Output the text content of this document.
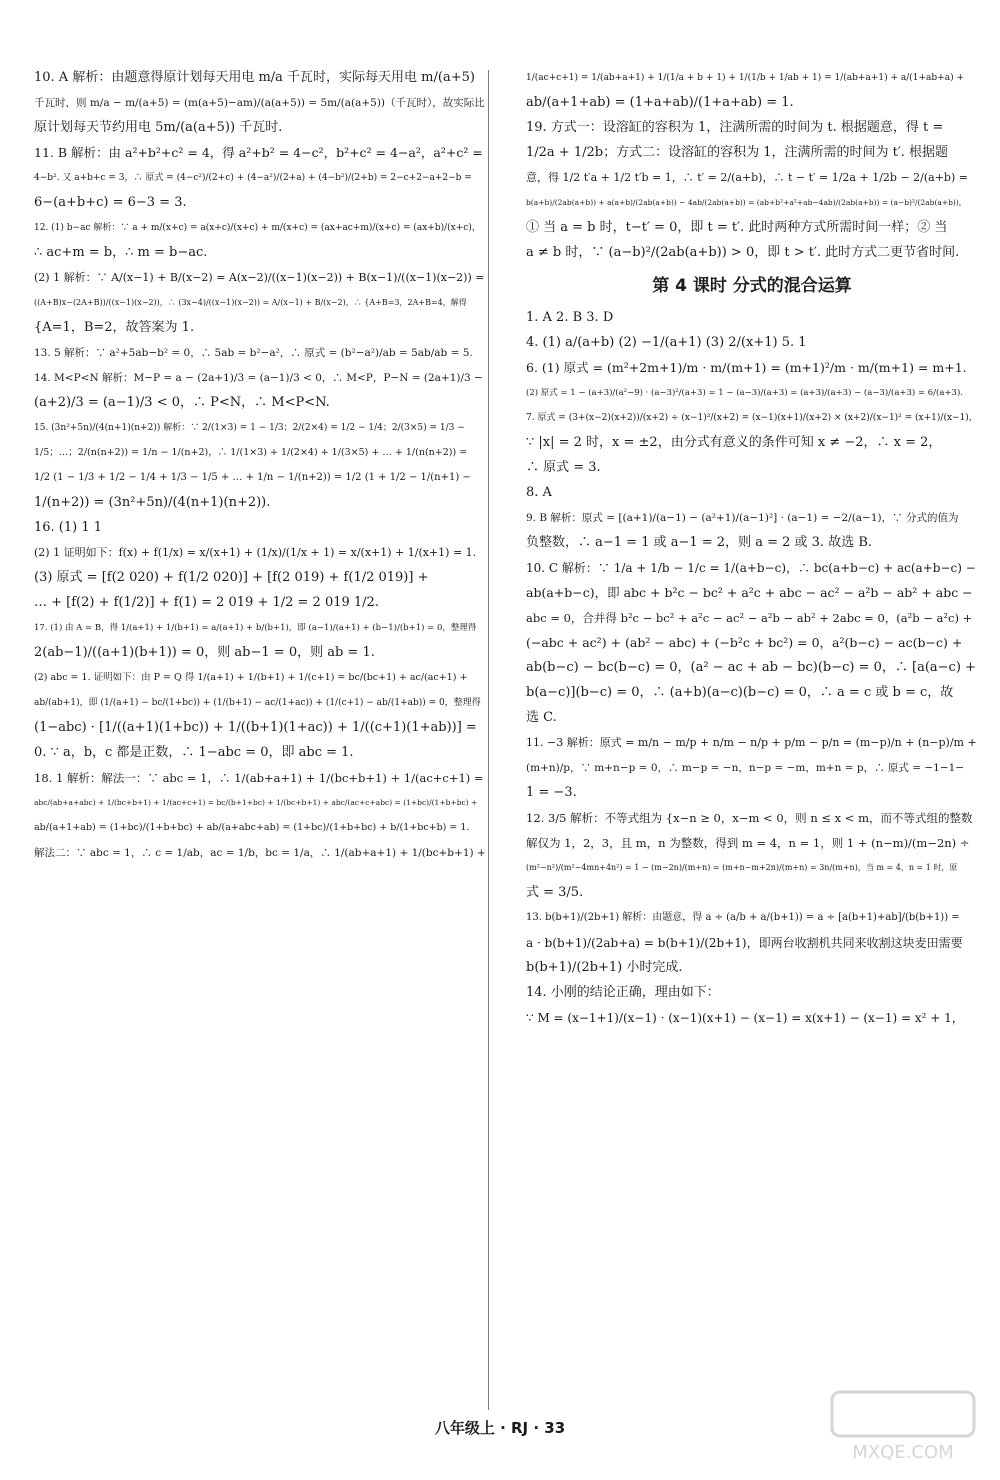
10. A 解析：由题意得原计划每天用电 m/a 千瓦时，实际每天用电 m/(a+5)
千瓦时，则 m/a − m/(a+5) = (m(a+5)−am)/(a(a+5)) = 5m/(a(a+5))（千瓦时），故实际比
原计划每天节约用电 5m/(a(a+5)) 千瓦时.
11. B 解析：由 a²+b²+c² = 4，得 a²+b² = 4−c²，b²+c² = 4−a²，a²+c² =
4−b². 又 a+b+c = 3，∴ 原式 = (4−c²)/(2+c) + (4−a²)/(2+a) + (4−b²)/(2+b) = 2−c+2−a+2−b =
6−(a+b+c) = 6−3 = 3.
12. (1) b−ac 解析：∵ a + m/(x+c) = a(x+c)/(x+c) + m/(x+c) = (ax+ac+m)/(x+c) = (ax+b)/(x+c)，
∴ ac+m = b，∴ m = b−ac.
(2) 1 解析：∵ A/(x−1) + B/(x−2) = A(x−2)/((x−1)(x−2)) + B(x−1)/((x−1)(x−2)) =
((A+B)x−(2A+B))/((x−1)(x−2))，∴ (3x−4)/((x−1)(x−2)) = A/(x−1) + B/(x−2)，∴ {A+B=3，2A+B=4，解得
{A=1，B=2，故答案为 1.
13. 5 解析：∵ a²+5ab−b² = 0，∴ 5ab = b²−a²，∴ 原式 = (b²−a²)/ab = 5ab/ab = 5.
14. M<P<N 解析：M−P = a − (2a+1)/3 = (a−1)/3 < 0，∴ M<P，P−N = (2a+1)/3 −
(a+2)/3 = (a−1)/3 < 0，∴ P<N，∴ M<P<N.
15. (3n²+5n)/(4(n+1)(n+2)) 解析：∵ 2/(1×3) = 1 − 1/3；2/(2×4) = 1/2 − 1/4；2/(3×5) = 1/3 −
1/5；…；2/(n(n+2)) = 1/n − 1/(n+2)，∴ 1/(1×3) + 1/(2×4) + 1/(3×5) + … + 1/(n(n+2)) =
1/2 (1 − 1/3 + 1/2 − 1/4 + 1/3 − 1/5 + … + 1/n − 1/(n+2)) = 1/2 (1 + 1/2 − 1/(n+1) −
1/(n+2)) = (3n²+5n)/(4(n+1)(n+2)).
16. (1) 1 1
(2) 1 证明如下：f(x) + f(1/x) = x/(x+1) + (1/x)/(1/x + 1) = x/(x+1) + 1/(x+1) = 1.
(3) 原式 = [f(2 020) + f(1/2 020)] + [f(2 019) + f(1/2 019)] +
… + [f(2) + f(1/2)] + f(1) = 2 019 + 1/2 = 2 019 1/2.
17. (1) 由 A = B，得 1/(a+1) + 1/(b+1) = a/(a+1) + b/(b+1)，即 (a−1)/(a+1) + (b−1)/(b+1) = 0，整理得
2(ab−1)/((a+1)(b+1)) = 0，则 ab−1 = 0，则 ab = 1.
(2) abc = 1. 证明如下：由 P = Q 得 1/(a+1) + 1/(b+1) + 1/(c+1) = bc/(bc+1) + ac/(ac+1) +
ab/(ab+1)，即 (1/(a+1) − bc/(1+bc)) + (1/(b+1) − ac/(1+ac)) + (1/(c+1) − ab/(1+ab)) = 0，整理得
(1−abc) · [1/((a+1)(1+bc)) + 1/((b+1)(1+ac)) + 1/((c+1)(1+ab))] =
0. ∵ a，b，c 都是正数，∴ 1−abc = 0，即 abc = 1.
18. 1 解析：解法一：∵ abc = 1，∴ 1/(ab+a+1) + 1/(bc+b+1) + 1/(ac+c+1) =
abc/(ab+a+abc) + 1/(bc+b+1) + 1/(ac+c+1) = bc/(b+1+bc) + 1/(bc+b+1) + abc/(ac+c+abc) = (1+bc)/(1+b+bc) +
ab/(a+1+ab) = (1+bc)/(1+b+bc) + ab/(a+abc+ab) = (1+bc)/(1+b+bc) + b/(1+bc+b) = 1.
解法二：∵ abc = 1，∴ c = 1/ab，ac = 1/b，bc = 1/a，∴ 1/(ab+a+1) + 1/(bc+b+1) +
1/(ac+c+1) = 1/(ab+a+1) + 1/(1/a + b + 1) + 1/(1/b + 1/ab + 1) = 1/(ab+a+1) + a/(1+ab+a) +
ab/(a+1+ab) = (1+a+ab)/(1+a+ab) = 1.
19. 方式一：设溶缸的容积为 1，注满所需的时间为 t. 根据题意，得 t =
1/2a + 1/2b；方式二：设溶缸的容积为 1，注满所需的时间为 t′. 根据题
意，得 1/2 t′a + 1/2 t′b = 1，∴ t′ = 2/(a+b)，∴ t − t′ = 1/2a + 1/2b − 2/(a+b) =
b(a+b)/(2ab(a+b)) + a(a+b)/(2ab(a+b)) − 4ab/(2ab(a+b)) = (ab+b²+a²+ab−4ab)/(2ab(a+b)) = (a−b)²/(2ab(a+b))，
① 当 a = b 时，t−t′ = 0，即 t = t′. 此时两种方式所需时间一样；② 当
a ≠ b 时，∵ (a−b)²/(2ab(a+b)) > 0，即 t > t′. 此时方式二更节省时间.
第 4 课时 分式的混合运算
1. A 2. B 3. D
4. (1) a/(a+b) (2) −1/(a+1) (3) 2/(x+1) 5. 1
6. (1) 原式 = (m²+2m+1)/m · m/(m+1) = (m+1)²/m · m/(m+1) = m+1.
(2) 原式 = 1 − (a+3)/(a²−9) · (a−3)²/(a+3) = 1 − (a−3)/(a+3) = (a+3)/(a+3) − (a−3)/(a+3) = 6/(a+3).
7. 原式 = (3+(x−2)(x+2))/(x+2) ÷ (x−1)²/(x+2) = (x−1)(x+1)/(x+2) × (x+2)/(x−1)² = (x+1)/(x−1)，
∵ |x| = 2 时，x = ±2，由分式有意义的条件可知 x ≠ −2，∴ x = 2，
∴ 原式 = 3.
8. A
9. B 解析：原式 = [(a+1)/(a−1) − (a²+1)/(a−1)²] · (a−1) = −2/(a−1)，∵ 分式的值为
负整数，∴ a−1 = 1 或 a−1 = 2，则 a = 2 或 3. 故选 B.
10. C 解析：∵ 1/a + 1/b − 1/c = 1/(a+b−c)，∴ bc(a+b−c) + ac(a+b−c) −
ab(a+b−c)，即 abc + b²c − bc² + a²c + abc − ac² − a²b − ab² + abc −
abc = 0，合并得 b²c − bc² + a²c − ac² − a²b − ab² + 2abc = 0，(a²b − a²c) +
(−abc + ac²) + (ab² − abc) + (−b²c + bc²) = 0，a²(b−c) − ac(b−c) +
ab(b−c) − bc(b−c) = 0，(a² − ac + ab − bc)(b−c) = 0，∴ [a(a−c) +
b(a−c)](b−c) = 0，∴ (a+b)(a−c)(b−c) = 0，∴ a = c 或 b = c，故
选 C.
11. −3 解析：原式 = m/n − m/p + n/m − n/p + p/m − p/n = (m−p)/n + (n−p)/m +
(m+n)/p，∵ m+n−p = 0，∴ m−p = −n，n−p = −m，m+n = p，∴ 原式 = −1−1−
1 = −3.
12. 3/5 解析：不等式组为 {x−n ≥ 0，x−m < 0，则 n ≤ x < m，而不等式组的整数
解仅为 1，2，3，且 m，n 为整数，得到 m = 4，n = 1，则 1 + (n−m)/(m−2n) ÷
(m²−n²)/(m²−4mn+4n²) = 1 − (m−2n)/(m+n) = (m+n−m+2n)/(m+n) = 3n/(m+n)，当 m = 4，n = 1 时，原
式 = 3/5.
13. b(b+1)/(2b+1) 解析：由题意，得 a ÷ (a/b + a/(b+1)) = a ÷ [a(b+1)+ab]/(b(b+1)) =
a · b(b+1)/(2ab+a) = b(b+1)/(2b+1)，即两台收割机共同来收割这块麦田需要
b(b+1)/(2b+1) 小时完成.
14. 小刚的结论正确，理由如下：
∵ M = (x−1+1)/(x−1) · (x−1)(x+1) − (x−1) = x(x+1) − (x−1) = x² + 1，
八年级上 · RJ · 33
MXQE.COM
